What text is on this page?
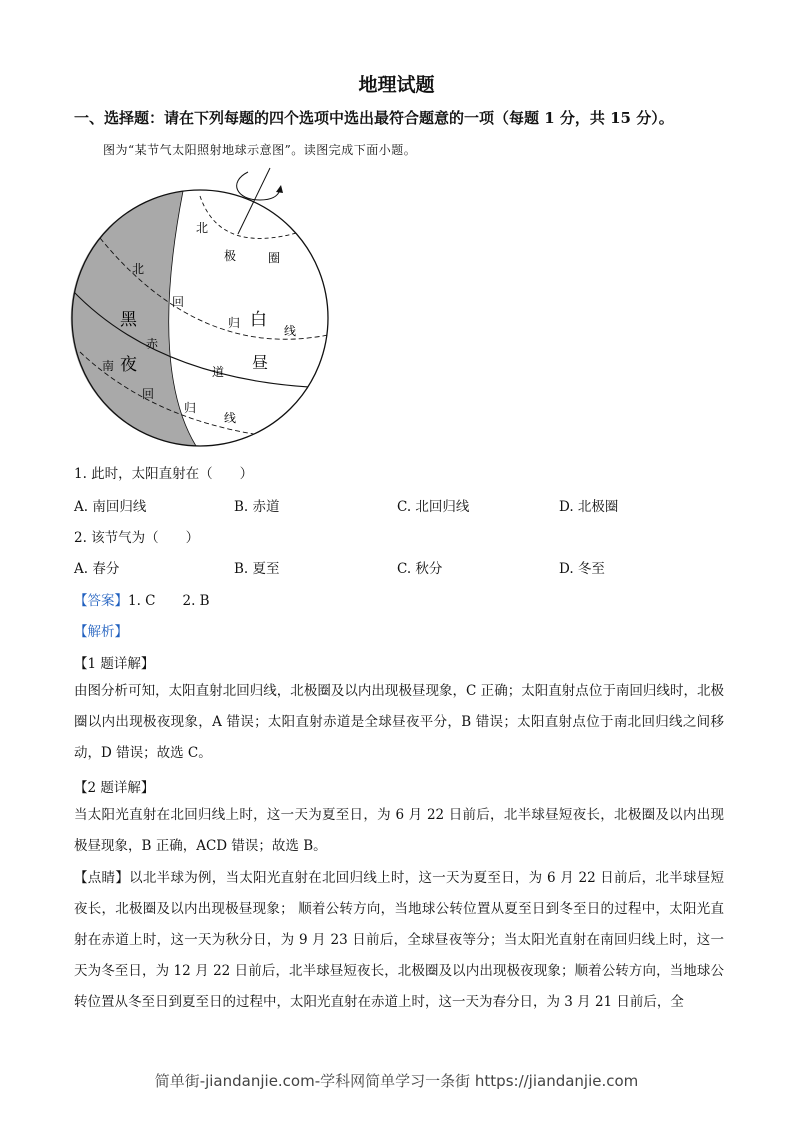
地理试题
一、选择题：请在下列每题的四个选项中选出最符合题意的一项（每题 1 分，共 15 分）。
图为“某节气太阳照射地球示意图”。读图完成下面小题。
北
极	圈
北
回
归
线
黑
夜
白
昼
赤
道
南
回
归
线
1. 此时，太阳直射在（　　）
A. 南回归线	B. 赤道	C. 北回归线	D. 北极圈
2. 该节气为（　　）
A. 春分	B. 夏至	C. 秋分	D. 冬至
【答案】1. C　　2. B
【解析】
【1 题详解】
由图分析可知，太阳直射北回归线，北极圈及以内出现极昼现象，C 正确；太阳直射点位于南回归线时，北极圈以内出现极夜现象，A 错误；太阳直射赤道是全球昼夜平分，B 错误；太阳直射点位于南北回归线之间移动，D 错误；故选 C。
【2 题详解】
当太阳光直射在北回归线上时，这一天为夏至日，为 6 月 22 日前后，北半球昼短夜长，北极圈及以内出现极昼现象，B 正确，ACD 错误；故选 B。
【点睛】以北半球为例，当太阳光直射在北回归线上时，这一天为夏至日，为 6 月 22 日前后，北半球昼短夜长，北极圈及以内出现极昼现象； 顺着公转方向，当地球公转位置从夏至日到冬至日的过程中，太阳光直射在赤道上时，这一天为秋分日，为 9 月 23 日前后，全球昼夜等分；当太阳光直射在南回归线上时，这一天为冬至日，为 12 月 22 日前后，北半球昼短夜长，北极圈及以内出现极夜现象；顺着公转方向，当地球公转位置从冬至日到夏至日的过程中，太阳光直射在赤道上时，这一天为春分日，为 3 月 21 日前后，全
简单街-jiandanjie.com-学科网简单学习一条街 https://jiandanjie.com
